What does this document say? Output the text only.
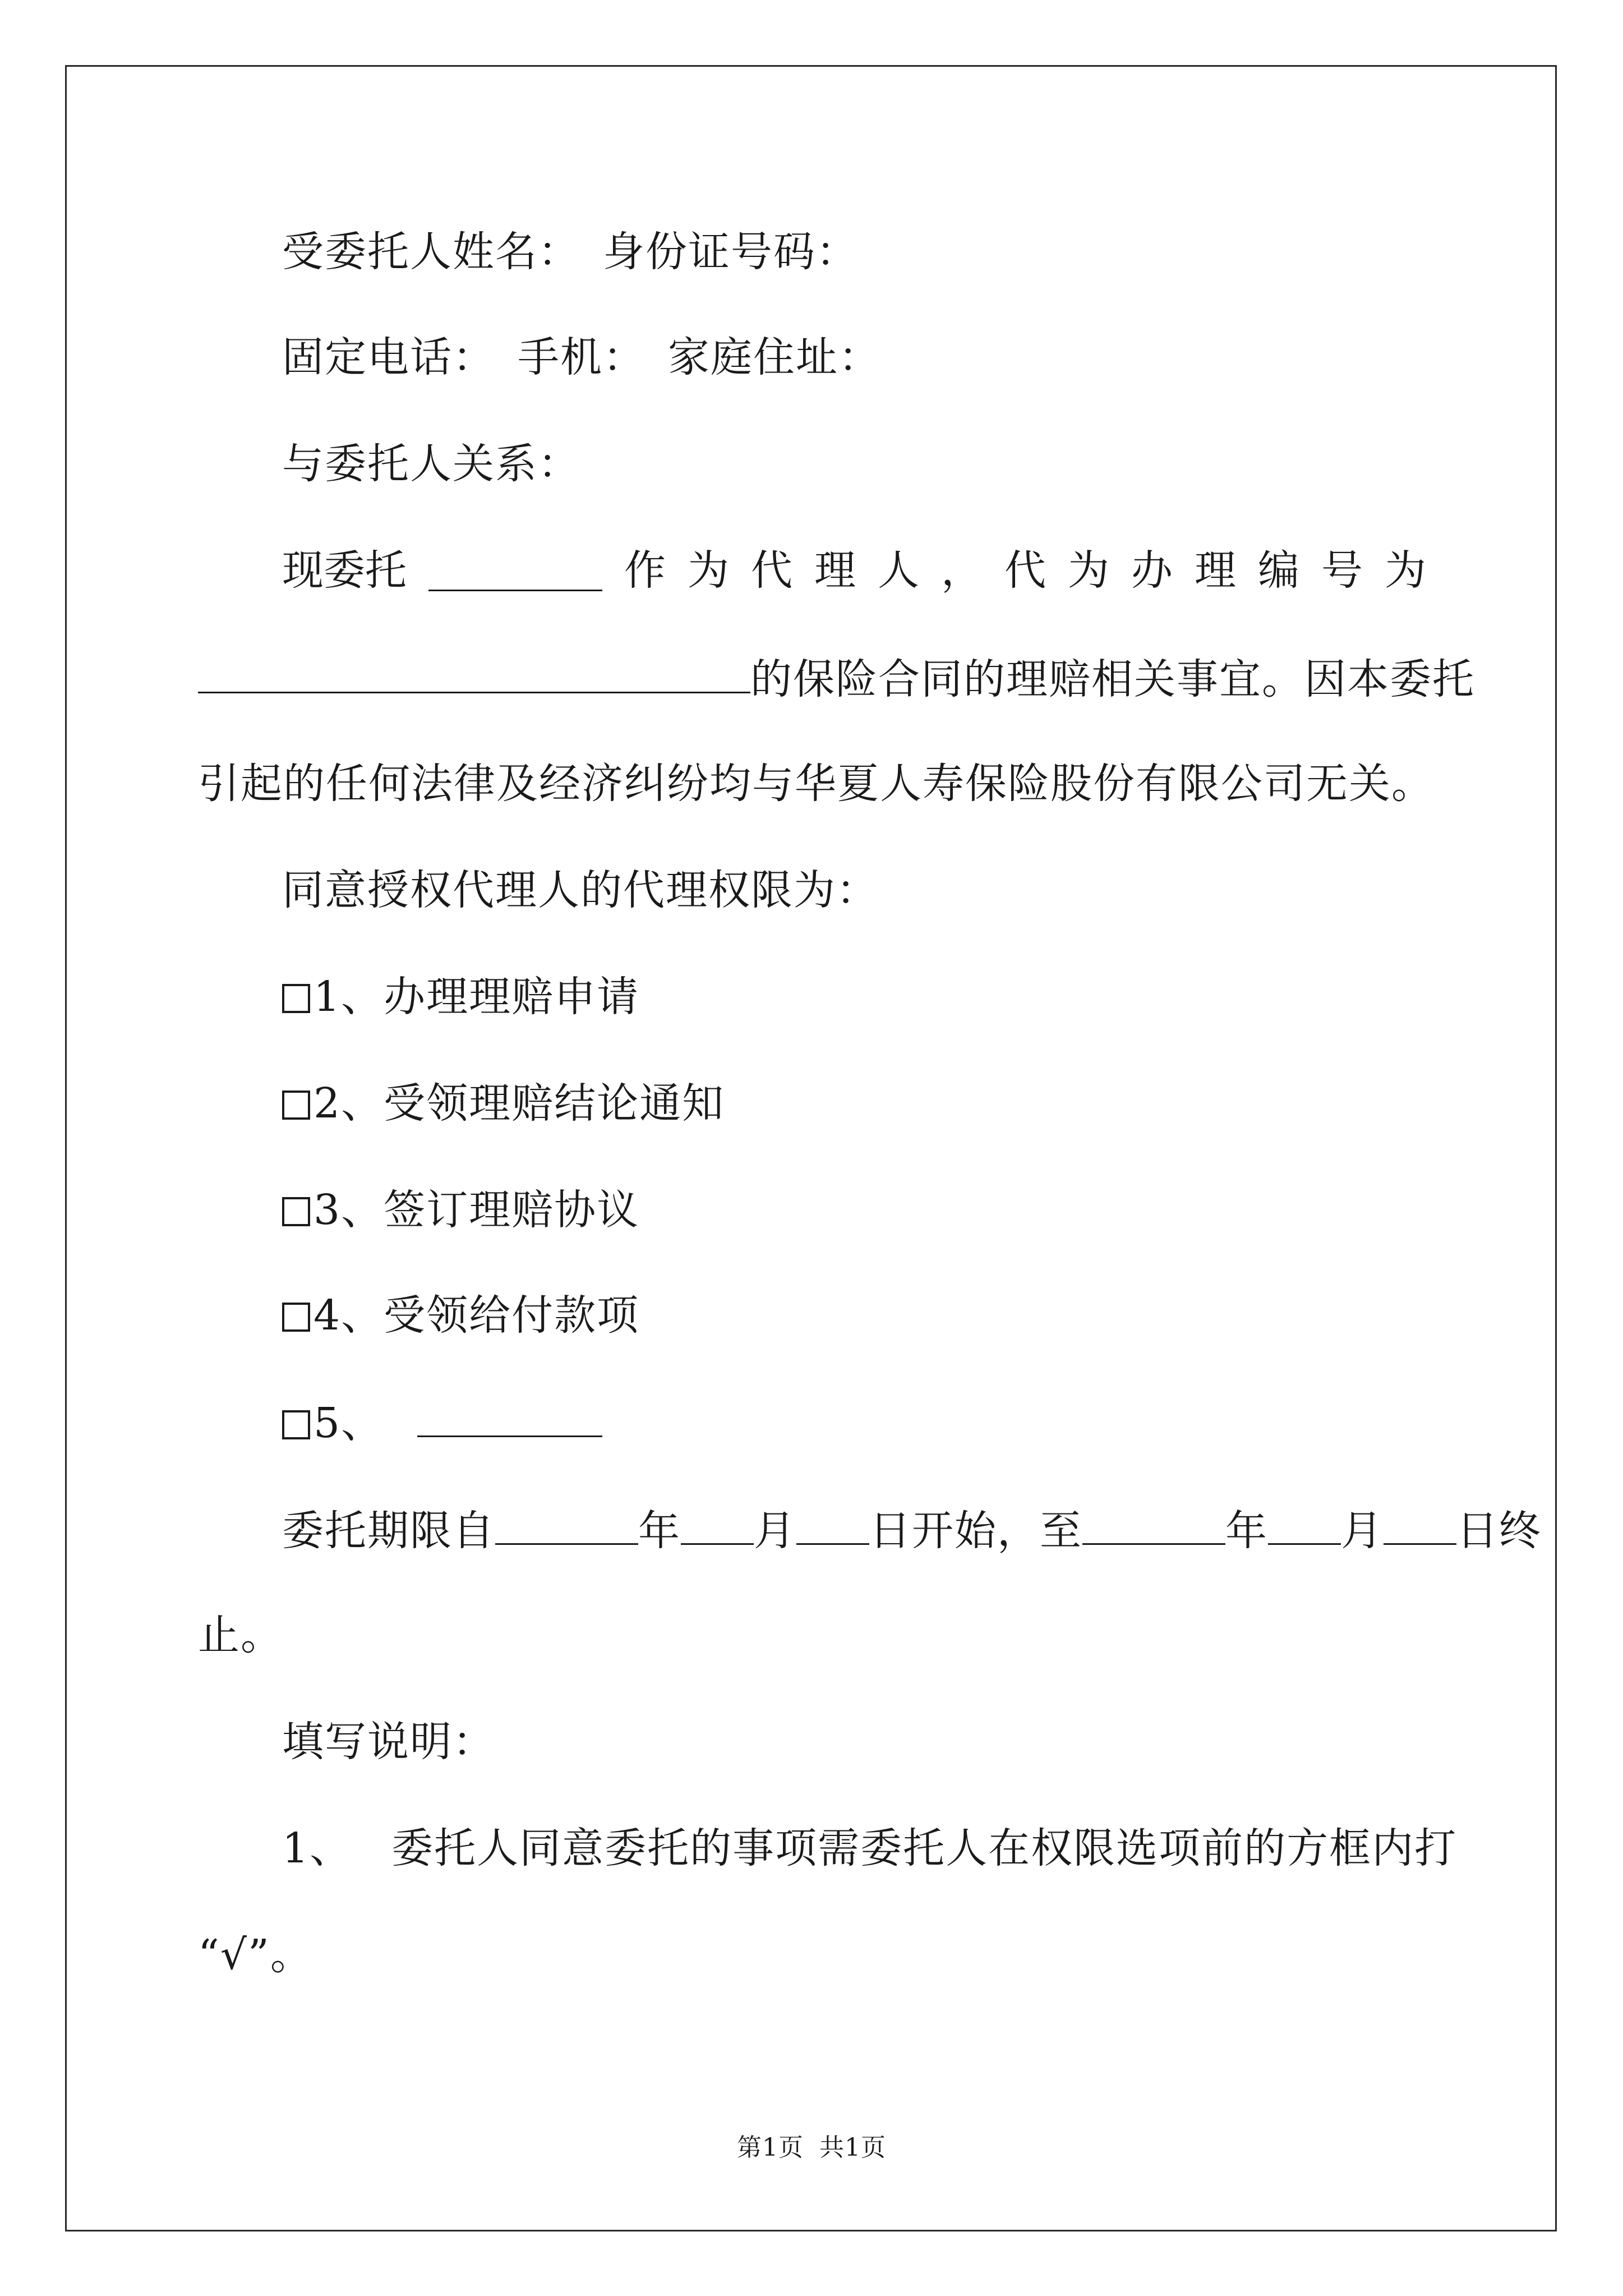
受委托人姓名： 身份证号码：
固定电话： 手机： 家庭住址：
与委托人关系：
现委托	作 为 代 理 人 ， 代 为 办 理 编 号 为
的保险合同的理赔相关事宜。因本委托
引起的任何法律及经济纠纷均与华夏人寿保险股份有限公司无关。
同意授权代理人的代理权限为：
1、办理理赔申请
2、受领理赔结论通知
3、签订理赔协议
4、受领给付款项
5、
委托期限自	年 月 日开始，至	年 月 日终
止。
填写说明：
1、 委托人同意委托的事项需委托人在权限选项前的方框内打
“√”。
第1页 共1页
